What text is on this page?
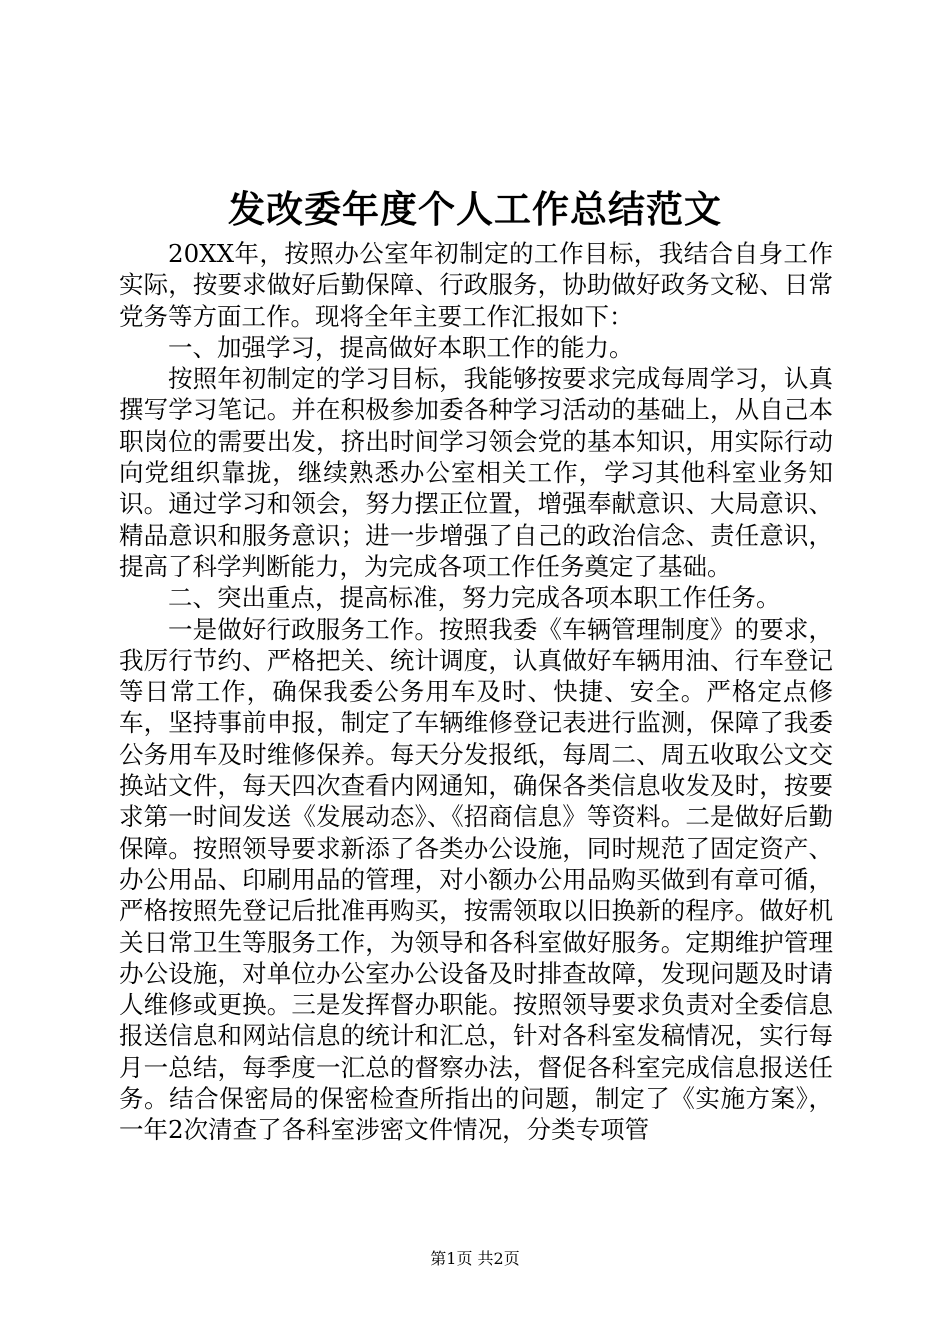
发改委年度个人工作总结范文

20XX年，按照办公室年初制定的工作目标，我结合自身工作实际，按要求做好后勤保障、行政服务，协助做好政务文秘、日常党务等方面工作。现将全年主要工作汇报如下：

一、加强学习，提高做好本职工作的能力。

按照年初制定的学习目标，我能够按要求完成每周学习，认真撰写学习笔记。并在积极参加委各种学习活动的基础上，从自己本职岗位的需要出发，挤出时间学习领会党的基本知识，用实际行动向党组织靠拢，继续熟悉办公室相关工作，学习其他科室业务知识。通过学习和领会，努力摆正位置，增强奉献意识、大局意识、精品意识和服务意识；进一步增强了自己的政治信念、责任意识，提高了科学判断能力，为完成各项工作任务奠定了基础。

二、突出重点，提高标准，努力完成各项本职工作任务。

一是做好行政服务工作。按照我委《车辆管理制度》的要求，我厉行节约、严格把关、统计调度，认真做好车辆用油、行车登记等日常工作，确保我委公务用车及时、快捷、安全。严格定点修车，坚持事前申报，制定了车辆维修登记表进行监测，保障了我委公务用车及时维修保养。每天分发报纸，每周二、周五收取公文交换站文件，每天四次查看内网通知，确保各类信息收发及时，按要求第一时间发送《发展动态》、《招商信息》等资料。二是做好后勤保障。按照领导要求新添了各类办公设施，同时规范了固定资产、办公用品、印刷用品的管理，对小额办公用品购买做到有章可循，严格按照先登记后批准再购买，按需领取以旧换新的程序。做好机关日常卫生等服务工作，为领导和各科室做好服务。定期维护管理办公设施，对单位办公室办公设备及时排查故障，发现问题及时请人维修或更换。三是发挥督办职能。按照领导要求负责对全委信息报送信息和网站信息的统计和汇总，针对各科室发稿情况，实行每月一总结，每季度一汇总的督察办法，督促各科室完成信息报送任务。结合保密局的保密检查所指出的问题，制定了《实施方案》，一年2次清查了各科室涉密文件情况，分类专项管

第1页 共2页
